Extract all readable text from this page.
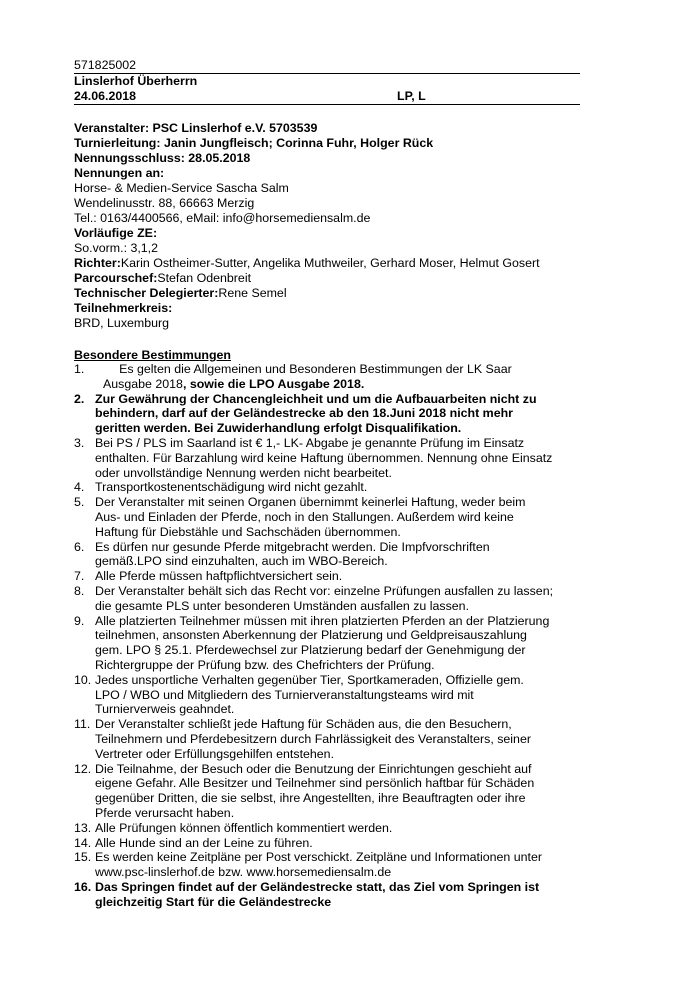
571825002
Linslerhof Überherrn
24.06.2018	LP, L
Veranstalter: PSC Linslerhof e.V. 5703539
Turnierleitung: Janin Jungfleisch; Corinna Fuhr, Holger Rück
Nennungsschluss: 28.05.2018
Nennungen an:
Horse- & Medien-Service Sascha Salm
Wendelinusstr. 88, 66663 Merzig
Tel.: 0163/4400566, eMail: info@horsemediensalm.de
Vorläufige ZE:
So.vorm.: 3,1,2
Richter:Karin Ostheimer-Sutter, Angelika Muthweiler, Gerhard Moser, Helmut Gosert
Parcourschef:Stefan Odenbreit
Technischer Delegierter:Rene Semel
Teilnehmerkreis:
BRD, Luxemburg
Besondere Bestimmungen
1. Es gelten die Allgemeinen und Besonderen Bestimmungen der LK Saar
Ausgabe 2018, sowie die LPO Ausgabe 2018.
2. Zur Gewährung der Chancengleichheit und um die Aufbauarbeiten nicht zu
behindern, darf auf der Geländestrecke ab den 18.Juni 2018 nicht mehr
geritten werden. Bei Zuwiderhandlung erfolgt Disqualifikation.
3. Bei PS / PLS im Saarland ist € 1,- LK- Abgabe je genannte Prüfung im Einsatz
enthalten. Für Barzahlung wird keine Haftung übernommen. Nennung ohne Einsatz
oder unvollständige Nennung werden nicht bearbeitet.
4. Transportkostenentschädigung wird nicht gezahlt.
5. Der Veranstalter mit seinen Organen übernimmt keinerlei Haftung, weder beim
Aus- und Einladen der Pferde, noch in den Stallungen. Außerdem wird keine
Haftung für Diebstähle und Sachschäden übernommen.
6. Es dürfen nur gesunde Pferde mitgebracht werden. Die Impfvorschriften
gemäß.LPO sind einzuhalten, auch im WBO-Bereich.
7. Alle Pferde müssen haftpflichtversichert sein.
8. Der Veranstalter behält sich das Recht vor: einzelne Prüfungen ausfallen zu lassen;
die gesamte PLS unter besonderen Umständen ausfallen zu lassen.
9. Alle platzierten Teilnehmer müssen mit ihren platzierten Pferden an der Platzierung
teilnehmen, ansonsten Aberkennung der Platzierung und Geldpreisauszahlung
gem. LPO § 25.1. Pferdewechsel zur Platzierung bedarf der Genehmigung der
Richtergruppe der Prüfung bzw. des Chefrichters der Prüfung.
10. Jedes unsportliche Verhalten gegenüber Tier, Sportkameraden, Offizielle gem.
LPO / WBO und Mitgliedern des Turnierveranstaltungsteams wird mit
Turnierverweis geahndet.
11. Der Veranstalter schließt jede Haftung für Schäden aus, die den Besuchern,
Teilnehmern und Pferdebesitzern durch Fahrlässigkeit des Veranstalters, seiner
Vertreter oder Erfüllungsgehilfen entstehen.
12. Die Teilnahme, der Besuch oder die Benutzung der Einrichtungen geschieht auf
eigene Gefahr. Alle Besitzer und Teilnehmer sind persönlich haftbar für Schäden
gegenüber Dritten, die sie selbst, ihre Angestellten, ihre Beauftragten oder ihre
Pferde verursacht haben.
13. Alle Prüfungen können öffentlich kommentiert werden.
14. Alle Hunde sind an der Leine zu führen.
15. Es werden keine Zeitpläne per Post verschickt. Zeitpläne und Informationen unter
www.psc-linslerhof.de bzw. www.horsemediensalm.de
16. Das Springen findet auf der Geländestrecke statt, das Ziel vom Springen ist
gleichzeitig Start für die Geländestrecke
